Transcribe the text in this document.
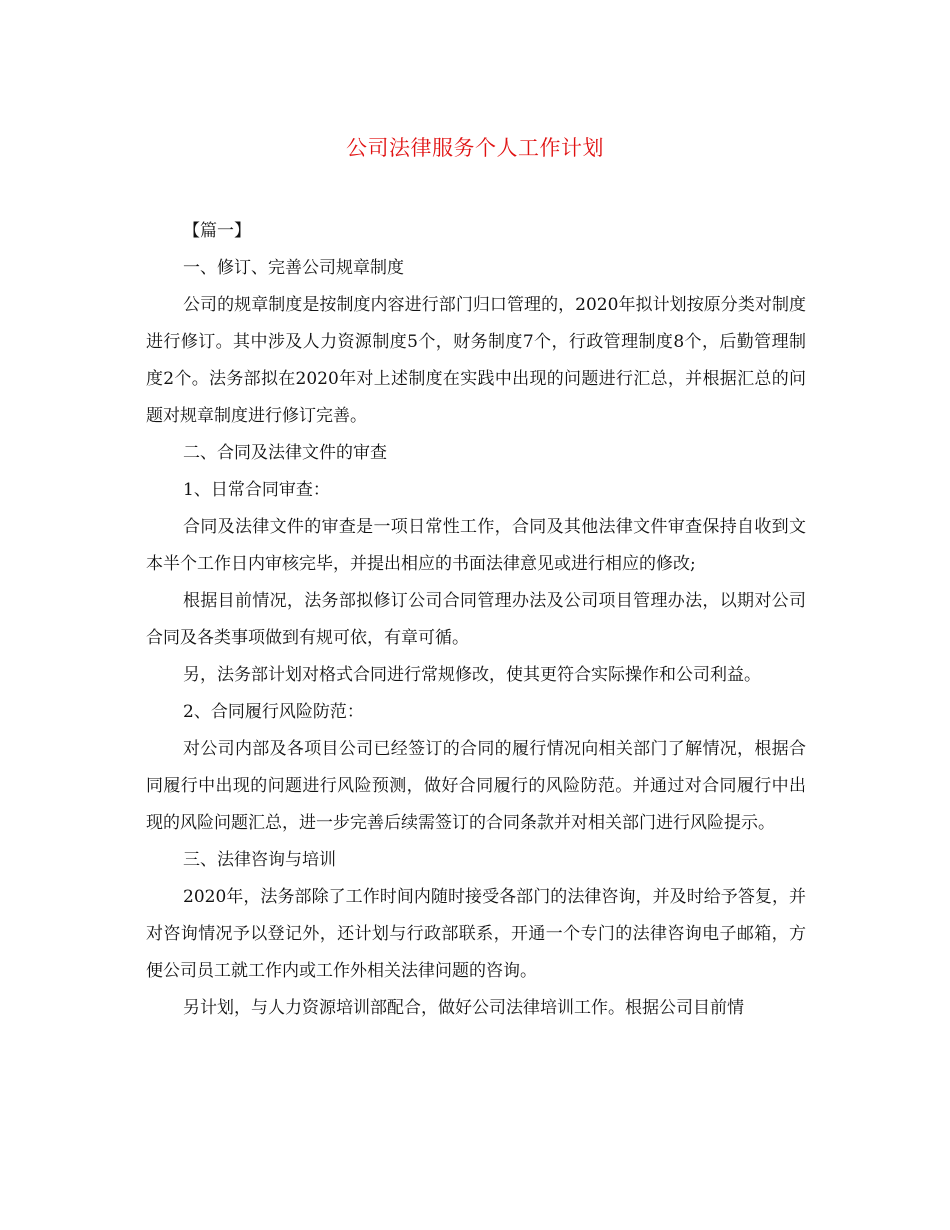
公司法律服务个人工作计划

【篇一】

一、修订、完善公司规章制度

公司的规章制度是按制度内容进行部门归口管理的，2020年拟计划按原分类对制度进行修订。其中涉及人力资源制度5个，财务制度7个，行政管理制度8个，后勤管理制度2个。法务部拟在2020年对上述制度在实践中出现的问题进行汇总，并根据汇总的问题对规章制度进行修订完善。

二、合同及法律文件的审查

1、日常合同审查：

合同及法律文件的审查是一项日常性工作，合同及其他法律文件审查保持自收到文本半个工作日内审核完毕，并提出相应的书面法律意见或进行相应的修改;

根据目前情况，法务部拟修订公司合同管理办法及公司项目管理办法，以期对公司合同及各类事项做到有规可依，有章可循。

另，法务部计划对格式合同进行常规修改，使其更符合实际操作和公司利益。

2、合同履行风险防范：

对公司内部及各项目公司已经签订的合同的履行情况向相关部门了解情况，根据合同履行中出现的问题进行风险预测，做好合同履行的风险防范。并通过对合同履行中出现的风险问题汇总，进一步完善后续需签订的合同条款并对相关部门进行风险提示。

三、法律咨询与培训

2020年，法务部除了工作时间内随时接受各部门的法律咨询，并及时给予答复，并对咨询情况予以登记外，还计划与行政部联系，开通一个专门的法律咨询电子邮箱，方便公司员工就工作内或工作外相关法律问题的咨询。

另计划，与人力资源培训部配合，做好公司法律培训工作。根据公司目前情
